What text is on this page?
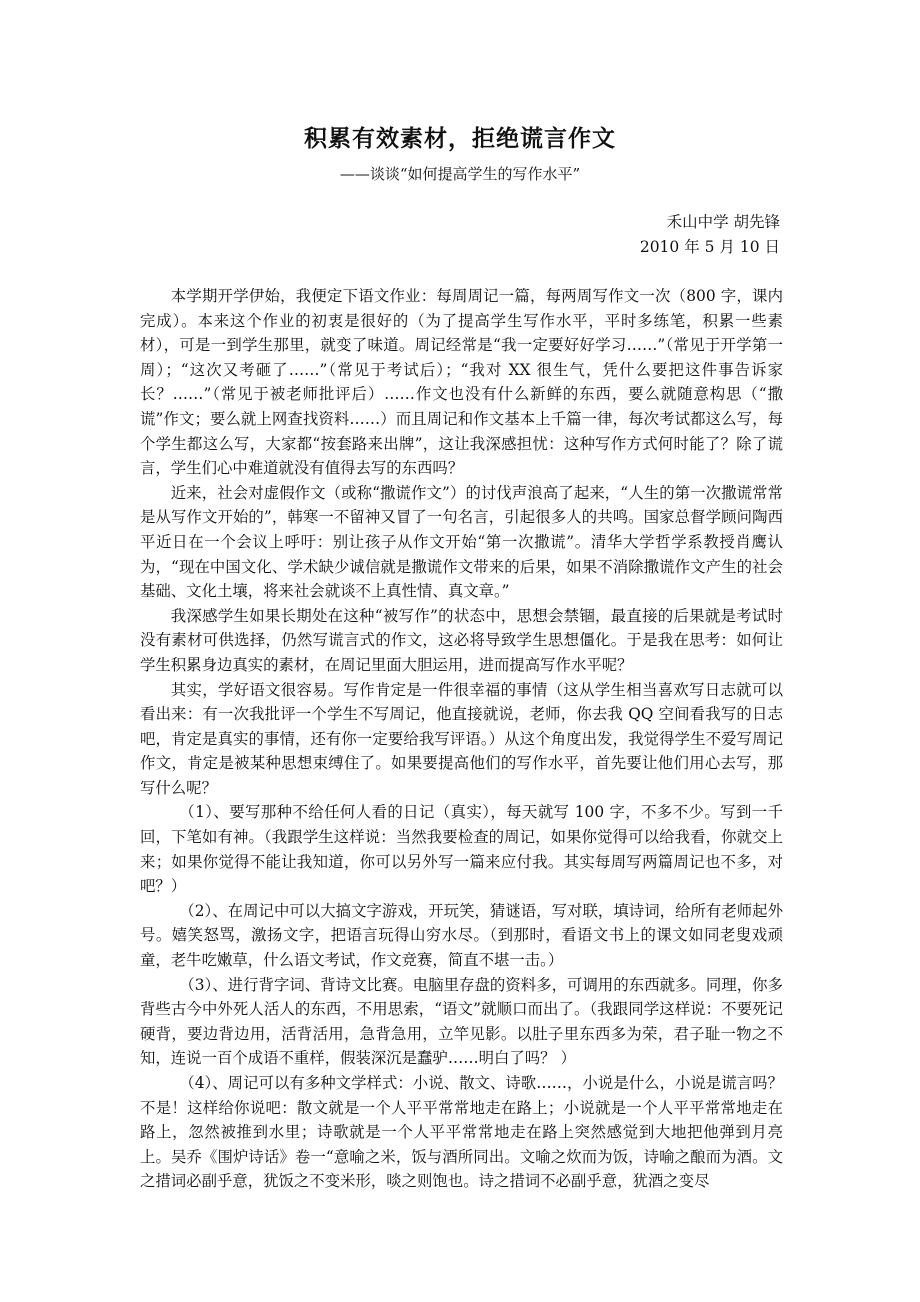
积累有效素材，拒绝谎言作文
——谈谈“如何提高学生的写作水平”
禾山中学 胡先锋
2010 年 5 月 10 日

本学期开学伊始，我便定下语文作业：每周周记一篇，每两周写作文一次（800 字，课内完成）。本来这个作业的初衷是很好的（为了提高学生写作水平，平时多练笔，积累一些素材），可是一到学生那里，就变了味道。周记经常是“我一定要好好学习……”（常见于开学第一周）；“这次又考砸了……”（常见于考试后）；“我对 XX 很生气，凭什么要把这件事告诉家长？……”（常见于被老师批评后）……作文也没有什么新鲜的东西，要么就随意构思（“撒谎”作文；要么就上网查找资料……）而且周记和作文基本上千篇一律，每次考试都这么写，每个学生都这么写，大家都“按套路来出牌”，这让我深感担忧：这种写作方式何时能了？除了谎言，学生们心中难道就没有值得去写的东西吗？

近来，社会对虚假作文（或称“撒谎作文”）的讨伐声浪高了起来，“人生的第一次撒谎常常是从写作文开始的”，韩寒一不留神又冒了一句名言，引起很多人的共鸣。国家总督学顾问陶西平近日在一个会议上呼吁：别让孩子从作文开始“第一次撒谎”。清华大学哲学系教授肖鹰认为，“现在中国文化、学术缺少诚信就是撒谎作文带来的后果，如果不消除撒谎作文产生的社会基础、文化土壤，将来社会就谈不上真性情、真文章。”

我深感学生如果长期处在这种“被写作”的状态中，思想会禁锢，最直接的后果就是考试时没有素材可供选择，仍然写谎言式的作文，这必将导致学生思想僵化。于是我在思考：如何让学生积累身边真实的素材，在周记里面大胆运用，进而提高写作水平呢？

其实，学好语文很容易。写作肯定是一件很幸福的事情（这从学生相当喜欢写日志就可以看出来：有一次我批评一个学生不写周记，他直接就说，老师，你去我 QQ 空间看我写的日志吧，肯定是真实的事情，还有你一定要给我写评语。）从这个角度出发，我觉得学生不爱写周记作文，肯定是被某种思想束缚住了。如果要提高他们的写作水平，首先要让他们用心去写，那写什么呢？

（1）、要写那种不给任何人看的日记（真实），每天就写 100 字，不多不少。写到一千回，下笔如有神。（我跟学生这样说：当然我要检查的周记，如果你觉得可以给我看，你就交上来；如果你觉得不能让我知道，你可以另外写一篇来应付我。其实每周写两篇周记也不多，对吧？）

（2）、在周记中可以大搞文字游戏，开玩笑，猜谜语，写对联，填诗词，给所有老师起外号。嬉笑怒骂，激扬文字，把语言玩得山穷水尽。（到那时，看语文书上的课文如同老叟戏顽童，老牛吃嫩草，什么语文考试，作文竞赛，简直不堪一击。）

（3）、进行背字词、背诗文比赛。电脑里存盘的资料多，可调用的东西就多。同理，你多背些古今中外死人活人的东西，不用思索，“语文”就顺口而出了。（我跟同学这样说：不要死记硬背，要边背边用，活背活用，急背急用，立竿见影。以肚子里东西多为荣，君子耻一物之不知，连说一百个成语不重样，假装深沉是蠢驴……明白了吗？ ）

（4）、周记可以有多种文学样式：小说、散文、诗歌……，小说是什么，小说是谎言吗？不是！这样给你说吧：散文就是一个人平平常常地走在路上；小说就是一个人平平常常地走在路上，忽然被推到水里；诗歌就是一个人平平常常地走在路上突然感觉到大地把他弹到月亮上。吴乔《围炉诗话》卷一“意喻之米，饭与酒所同出。文喻之炊而为饭，诗喻之酿而为酒。文之措词必副乎意，犹饭之不变米形，啖之则饱也。诗之措词不必副乎意，犹酒之变尽
